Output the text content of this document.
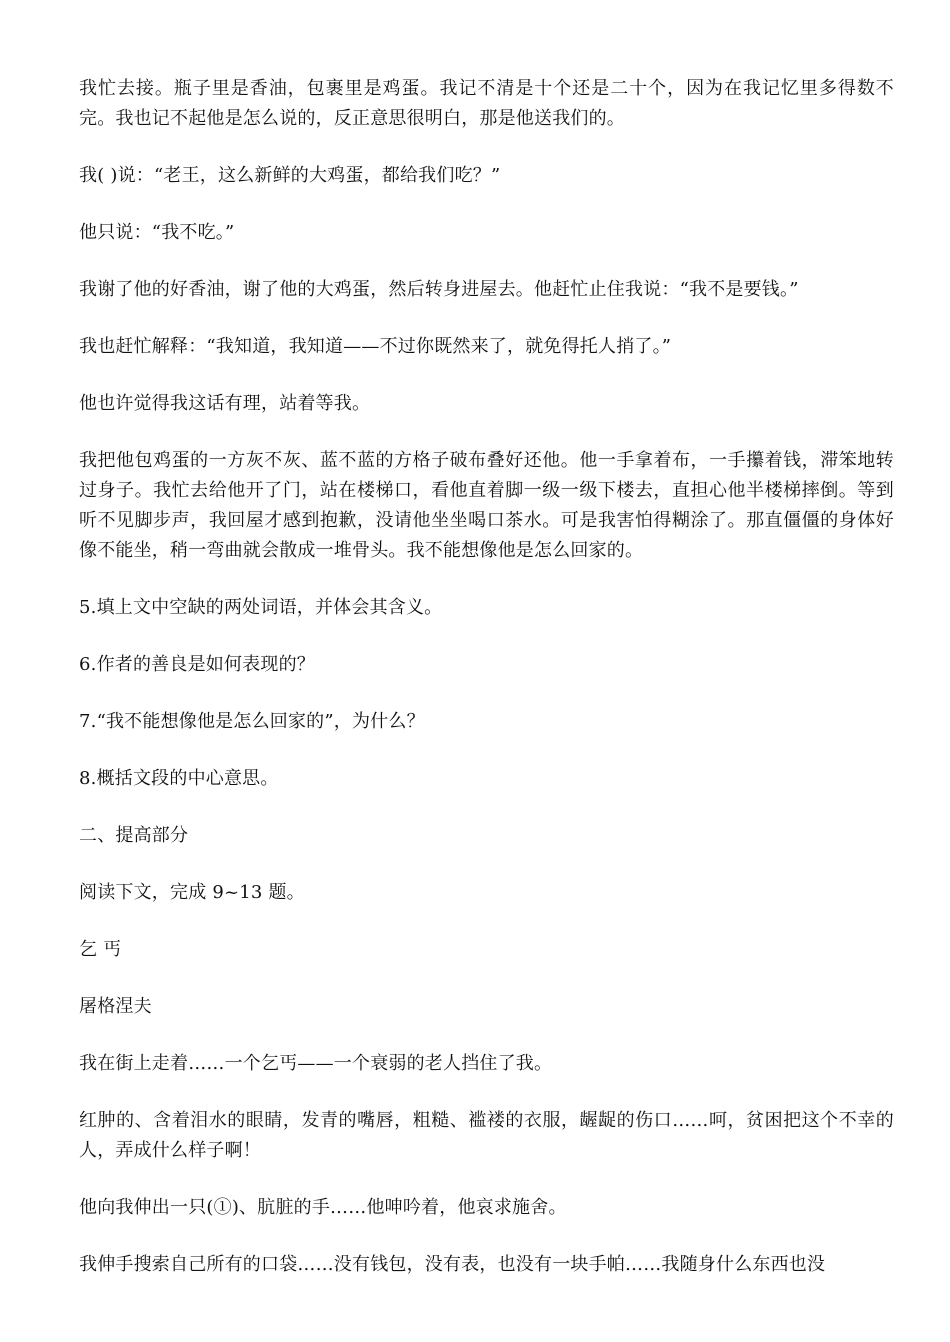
我忙去接。瓶子里是香油，包裹里是鸡蛋。我记不清是十个还是二十个，因为在我记忆里多得数不完。我也记不起他是怎么说的，反正意思很明白，那是他送我们的。

我( )说：“老王，这么新鲜的大鸡蛋，都给我们吃？”

他只说：“我不吃。”

我谢了他的好香油，谢了他的大鸡蛋，然后转身进屋去。他赶忙止住我说：“我不是要钱。”

我也赶忙解释：“我知道，我知道——不过你既然来了，就免得托人捎了。”

他也许觉得我这话有理，站着等我。

我把他包鸡蛋的一方灰不灰、蓝不蓝的方格子破布叠好还他。他一手拿着布，一手攥着钱，滞笨地转过身子。我忙去给他开了门，站在楼梯口，看他直着脚一级一级下楼去，直担心他半楼梯摔倒。等到听不见脚步声，我回屋才感到抱歉，没请他坐坐喝口茶水。可是我害怕得糊涂了。那直僵僵的身体好像不能坐，稍一弯曲就会散成一堆骨头。我不能想像他是怎么回家的。

5.填上文中空缺的两处词语，并体会其含义。

6.作者的善良是如何表现的？

7.“我不能想像他是怎么回家的”，为什么？

8.概括文段的中心意思。

二、提高部分

阅读下文，完成 9~13 题。

乞 丐

屠格涅夫

我在街上走着……一个乞丐——一个衰弱的老人挡住了我。

红肿的、含着泪水的眼睛，发青的嘴唇，粗糙、褴褛的衣服，龌龊的伤口……呵，贫困把这个不幸的人，弄成什么样子啊！

他向我伸出一只(①)、肮脏的手……他呻吟着，他哀求施舍。

我伸手搜索自己所有的口袋……没有钱包，没有表，也没有一块手帕……我随身什么东西也没
